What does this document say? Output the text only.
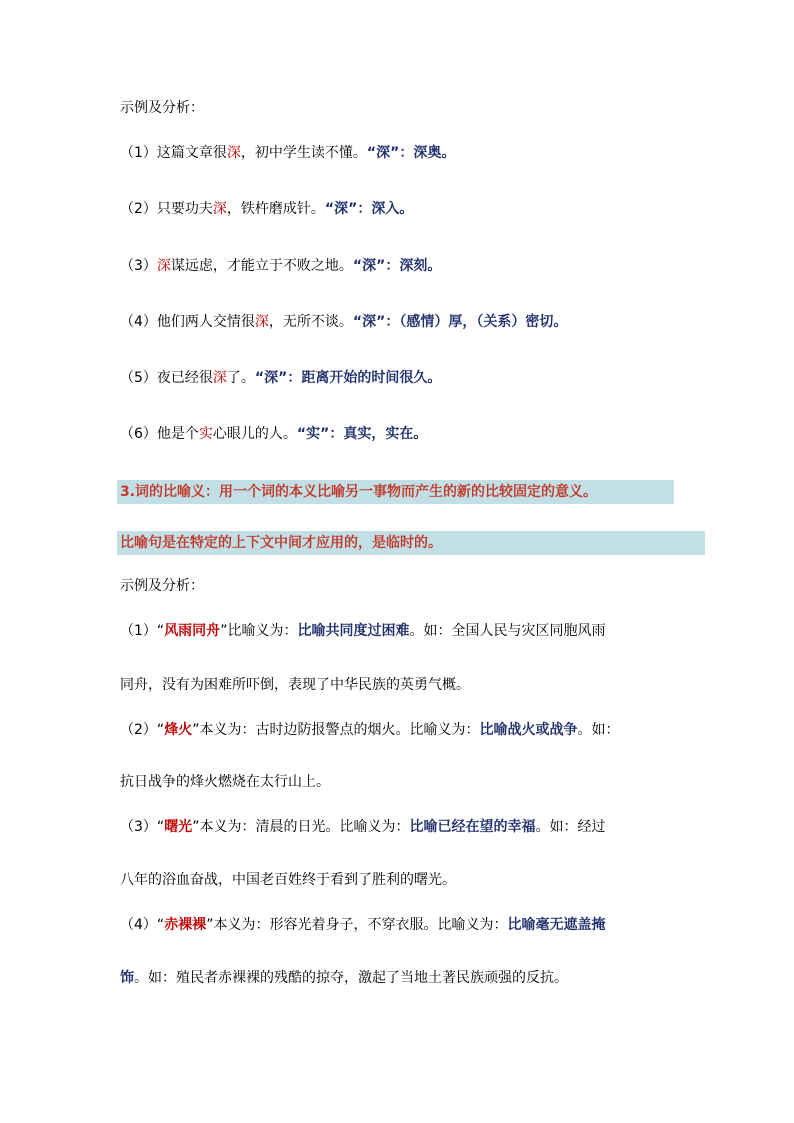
示例及分析：
（1）这篇文章很深，初中学生读不懂。“深”：深奥。
（2）只要功夫深，铁杵磨成针。“深”：深入。
（3）深谋远虑，才能立于不败之地。“深”：深刻。
（4）他们两人交情很深，无所不谈。“深”：（感情）厚，（关系）密切。
（5）夜已经很深了。“深”：距离开始的时间很久。
（6）他是个实心眼儿的人。“实”：真实，实在。
3.词的比喻义：用一个词的本义比喻另一事物而产生的新的比较固定的意义。
比喻句是在特定的上下文中间才应用的，是临时的。
示例及分析：
（1）“风雨同舟”比喻义为：比喻共同度过困难。如：全国人民与灾区同胞风雨
同舟，没有为困难所吓倒，表现了中华民族的英勇气概。
（2）“烽火”本义为：古时边防报警点的烟火。比喻义为：比喻战火或战争。如：
抗日战争的烽火燃烧在太行山上。
（3）“曙光”本义为：清晨的日光。比喻义为：比喻已经在望的幸福。如：经过
八年的浴血奋战，中国老百姓终于看到了胜利的曙光。
（4）“赤裸裸”本义为：形容光着身子，不穿衣服。比喻义为：比喻毫无遮盖掩
饰。如：殖民者赤裸裸的残酷的掠夺，激起了当地土著民族顽强的反抗。
